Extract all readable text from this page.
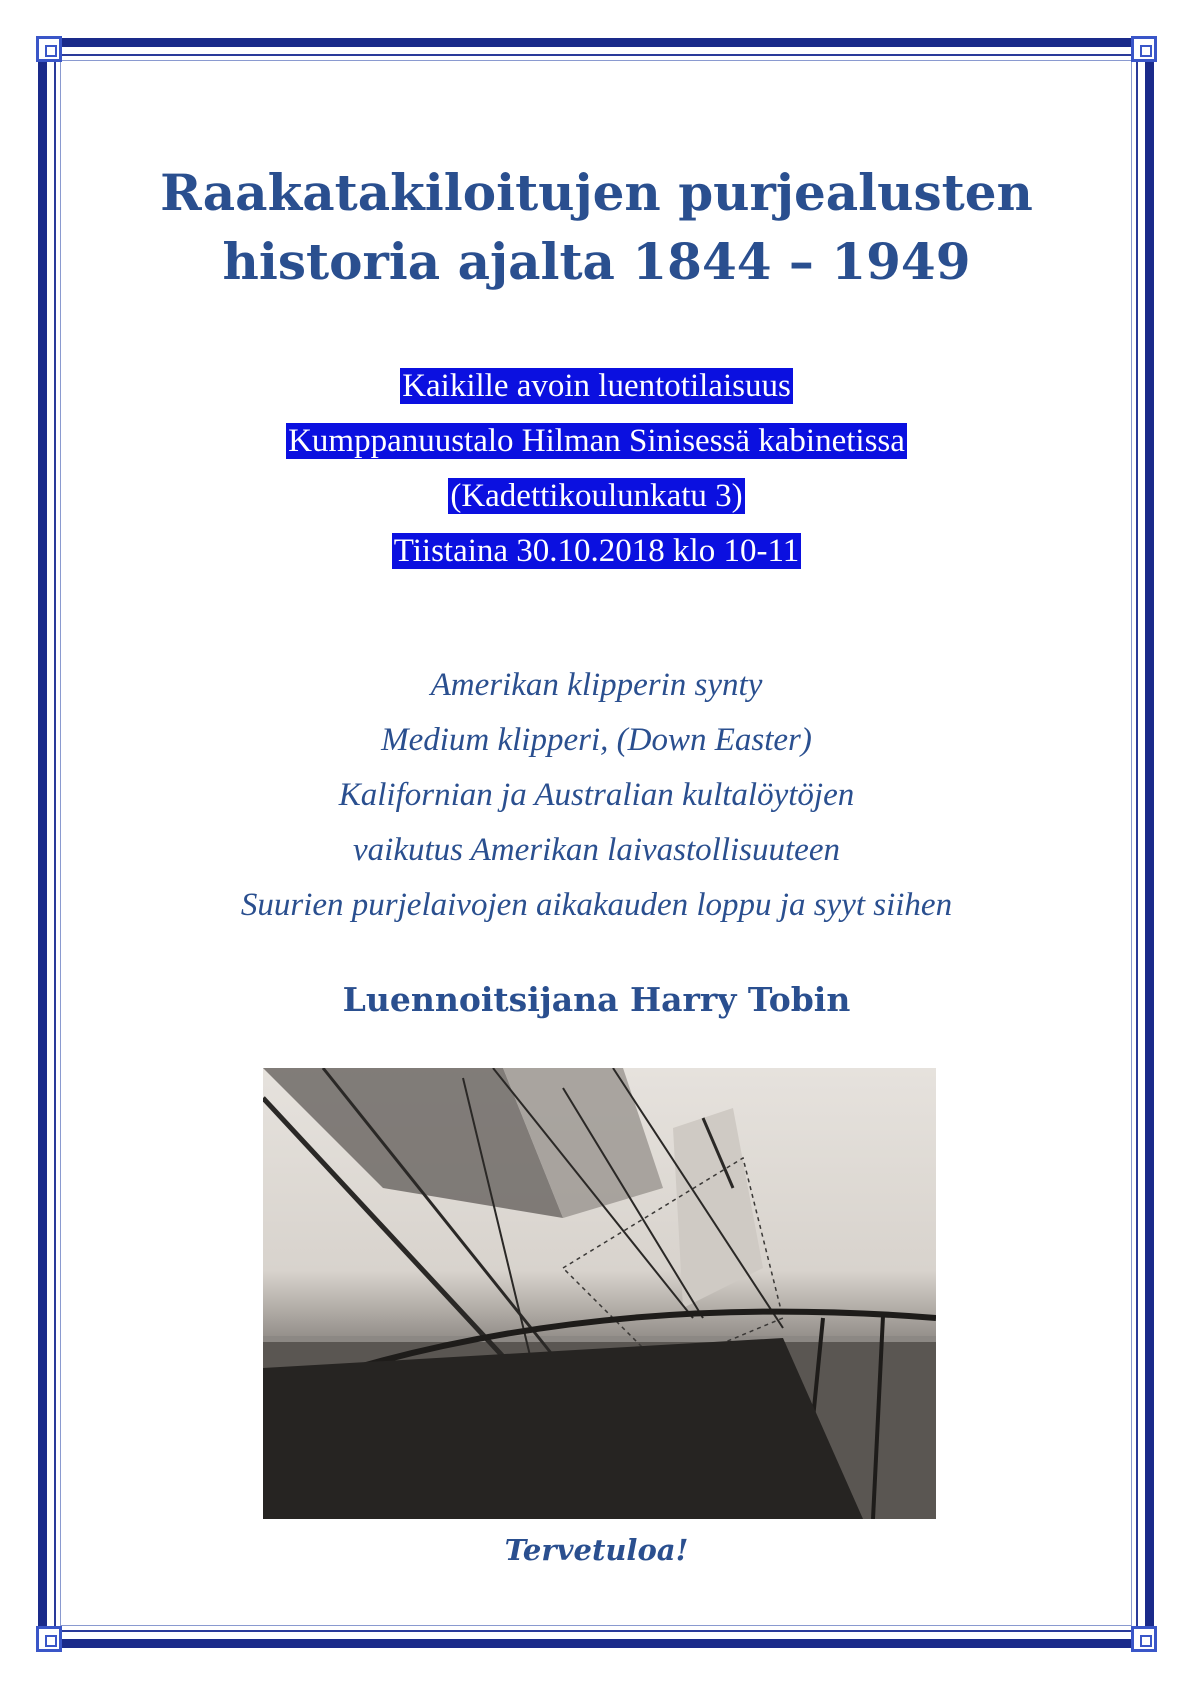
Raakatakiloitujen purjealusten
historia ajalta 1844 – 1949
Kaikille avoin luentotilaisuus
Kumppanuustalo Hilman Sinisessä kabinetissa
(Kadettikoulunkatu 3)
Tiistaina 30.10.2018 klo 10-11
Amerikan klipperin synty
Medium klipperi, (Down Easter)
Kalifornian ja Australian kultalöytöjen
vaikutus Amerikan laivastollisuuteen
Suurien purjelaivojen aikakauden loppu ja syyt siihen
Luennoitsijana Harry Tobin
Tervetuloa!
